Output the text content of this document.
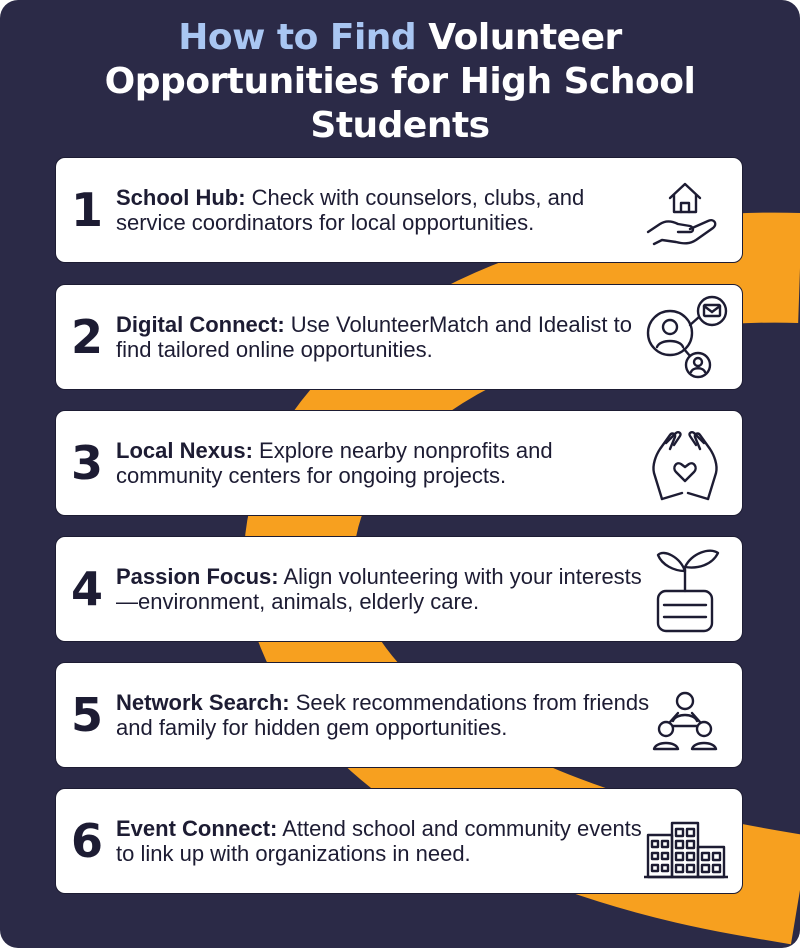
How to Find Volunteer Opportunities for High School Students
1 School Hub: Check with counselors, clubs, and service coordinators for local opportunities.

2 Digital Connect: Use VolunteerMatch and Idealist to find tailored online opportunities.

3 Local Nexus: Explore nearby nonprofits and community centers for ongoing projects.

4 Passion Focus: Align volunteering with your interests—environment, animals, elderly care.

5 Network Search: Seek recommendations from friends and family for hidden gem opportunities.

6 Event Connect: Attend school and community events to link up with organizations in need.
